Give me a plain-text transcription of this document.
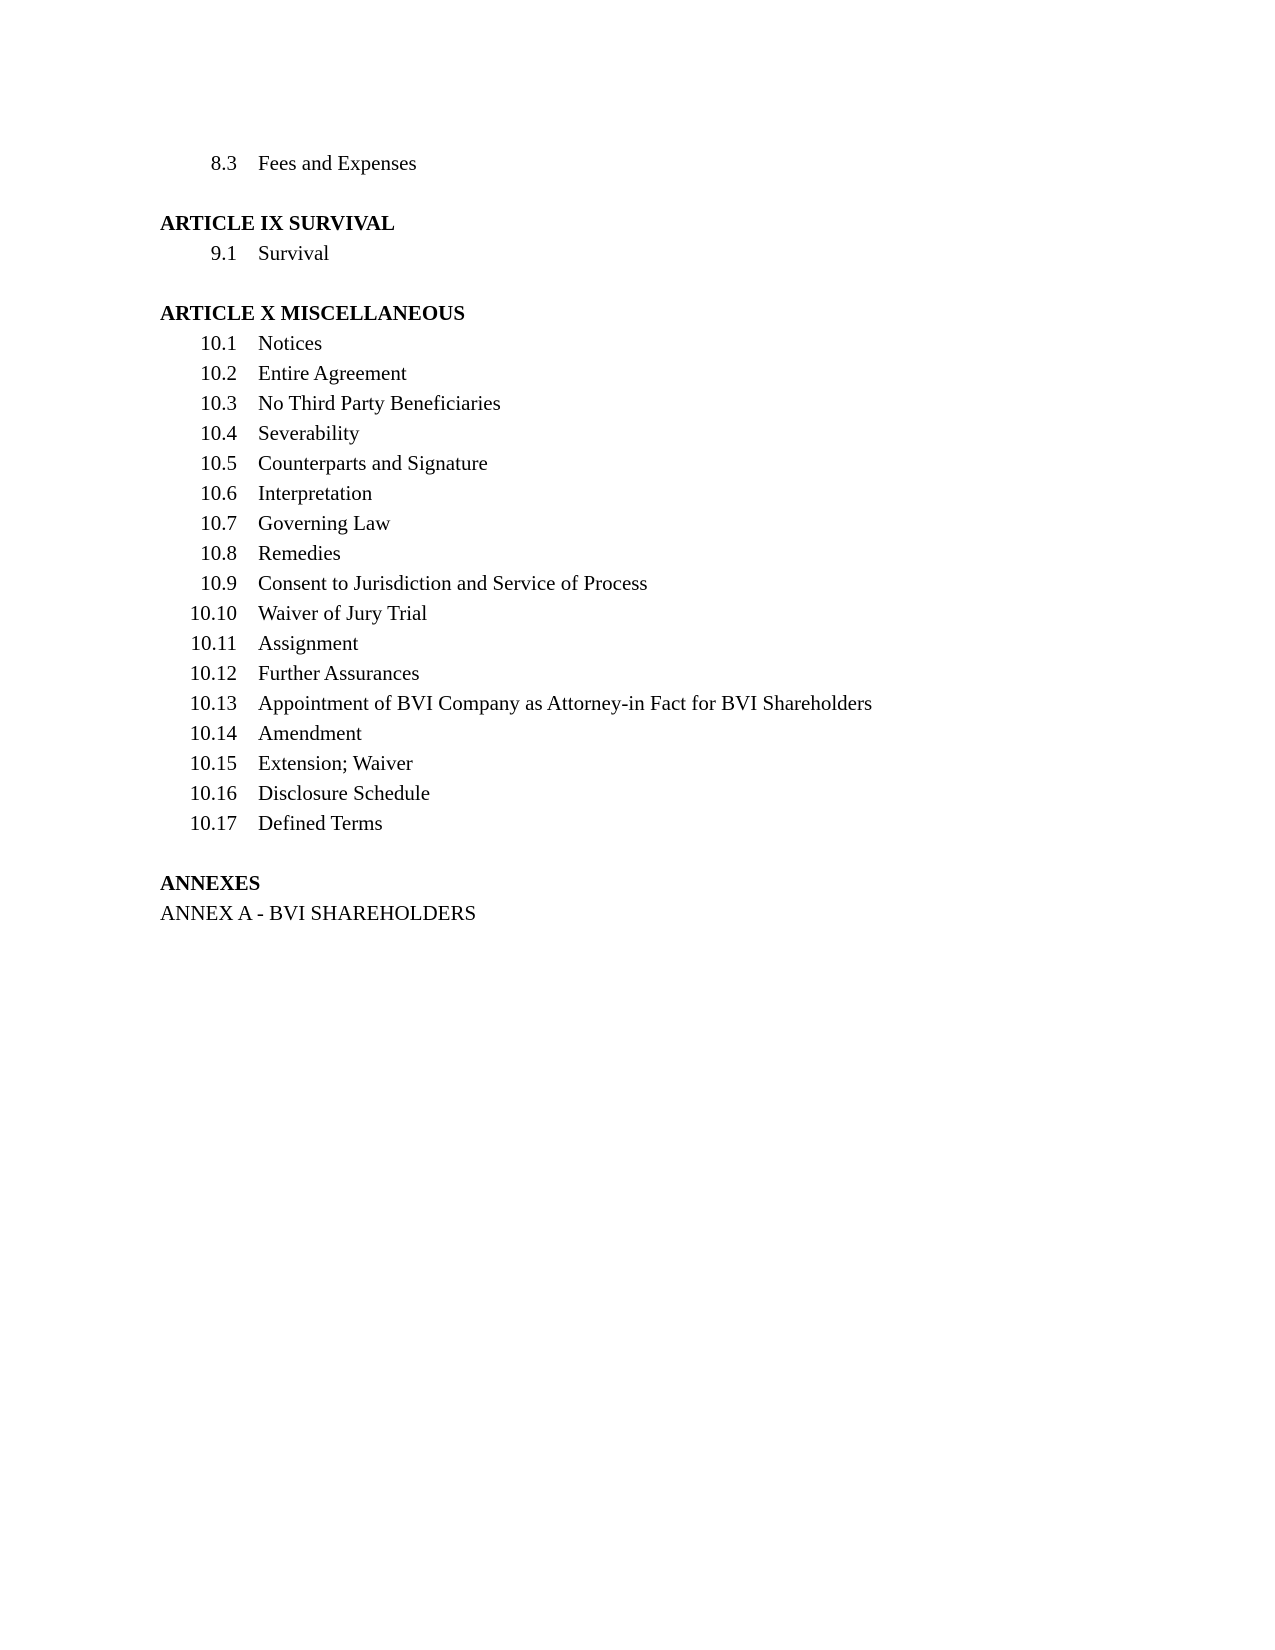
8.3 Fees and Expenses
ARTICLE IX SURVIVAL
9.1 Survival
ARTICLE X MISCELLANEOUS
10.1 Notices
10.2 Entire Agreement
10.3 No Third Party Beneficiaries
10.4 Severability
10.5 Counterparts and Signature
10.6 Interpretation
10.7 Governing Law
10.8 Remedies
10.9 Consent to Jurisdiction and Service of Process
10.10 Waiver of Jury Trial
10.11 Assignment
10.12 Further Assurances
10.13 Appointment of BVI Company as Attorney-in Fact for BVI Shareholders
10.14 Amendment
10.15 Extension; Waiver
10.16 Disclosure Schedule
10.17 Defined Terms
ANNEXES
ANNEX A - BVI SHAREHOLDERS
